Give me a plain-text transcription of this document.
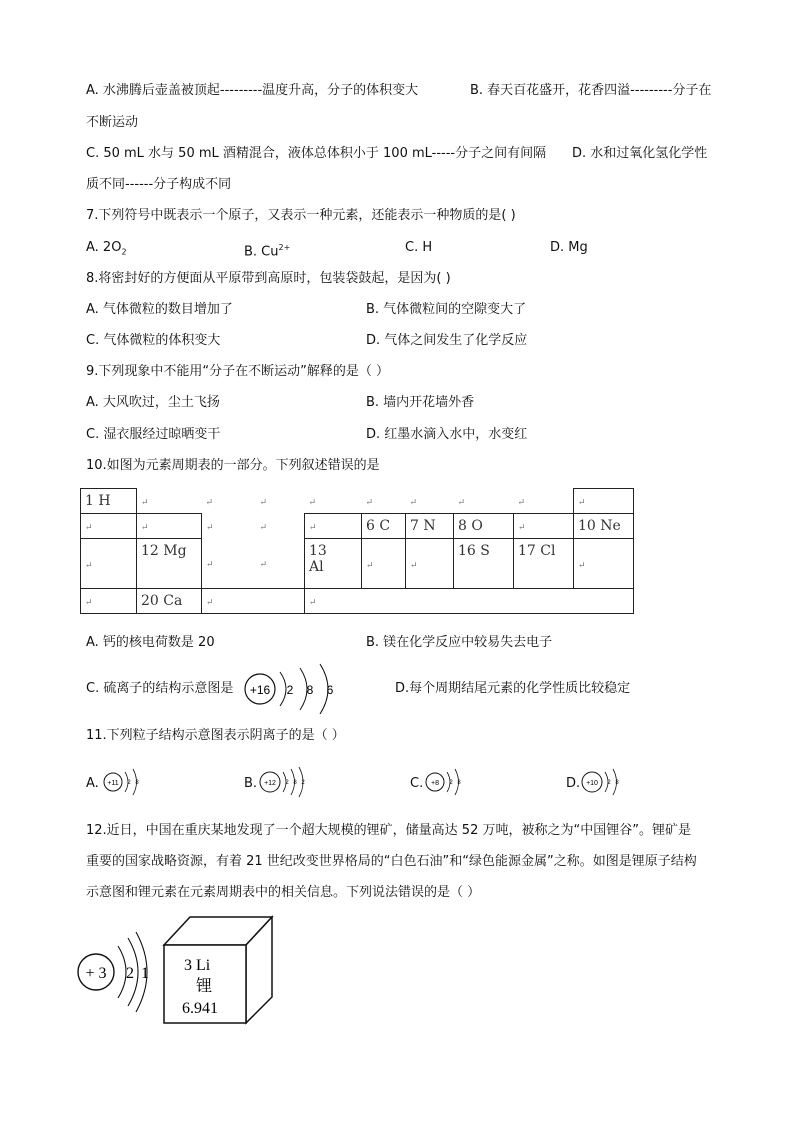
A. 水沸腾后壶盖被顶起---------温度升高，分子的体积变大	B. 春天百花盛开，花香四溢---------分子在
不断运动
C. 50 mL 水与 50 mL 酒精混合，液体总体积小于 100 mL-----分子之间有间隔 D. 水和过氧化氢化学性
质不同------分子构成不同
7.下列符号中既表示一个原子，又表示一种元素，还能表示一种物质的是( )
A. $2O_2$	B. $Cu^{2+}$	C. H	D. Mg
8.将密封好的方便面从平原带到高原时，包装袋鼓起，是因为( )
A. 气体微粒的数目增加了	B. 气体微粒间的空隙变大了
C. 气体微粒的体积变大	D. 气体之间发生了化学反应
9.下列现象中不能用“分子在不断运动”解释的是（ ）
A. 大风吹过，尘土飞扬	B. 墙内开花墙外香
C. 湿衣服经过晾晒变干	D. 红墨水滴入水中，水变红
10.如图为元素周期表的一部分。下列叙述错误的是
1 H	↵	↵	↵	↵	↵	↵	↵	↵	↵
↵	↵	↵	↵	↵	6 C	7 N	8 O	↵	10 Ne
↵	12 Mg	↵	↵	13
Al	↵	↵	16 S	17 Cl	↵
↵	20 Ca	↵		↵					
A. 钙的核电荷数是 20	B. 镁在化学反应中较易失去电子
C. 硫离子的结构示意图是 +16 2 8 6	D.每个周期结尾元素的化学性质比较稳定
11.下列粒子结构示意图表示阴离子的是（ ）
A. +11 2 8	B. +12 2 8 2	C. +8 2 8	D. +10 2 8
12.近日，中国在重庆某地发现了一个超大规模的锂矿，储量高达 52 万吨，被称之为“中国锂谷”。锂矿是
重要的国家战略资源，有着 21 世纪改变世界格局的“白色石油”和“绿色能源金属”之称。如图是锂原子结构
示意图和锂元素在元素周期表中的相关信息。下列说法错误的是（ ）
+ 3 2 1 3 Li
锂
6.941
